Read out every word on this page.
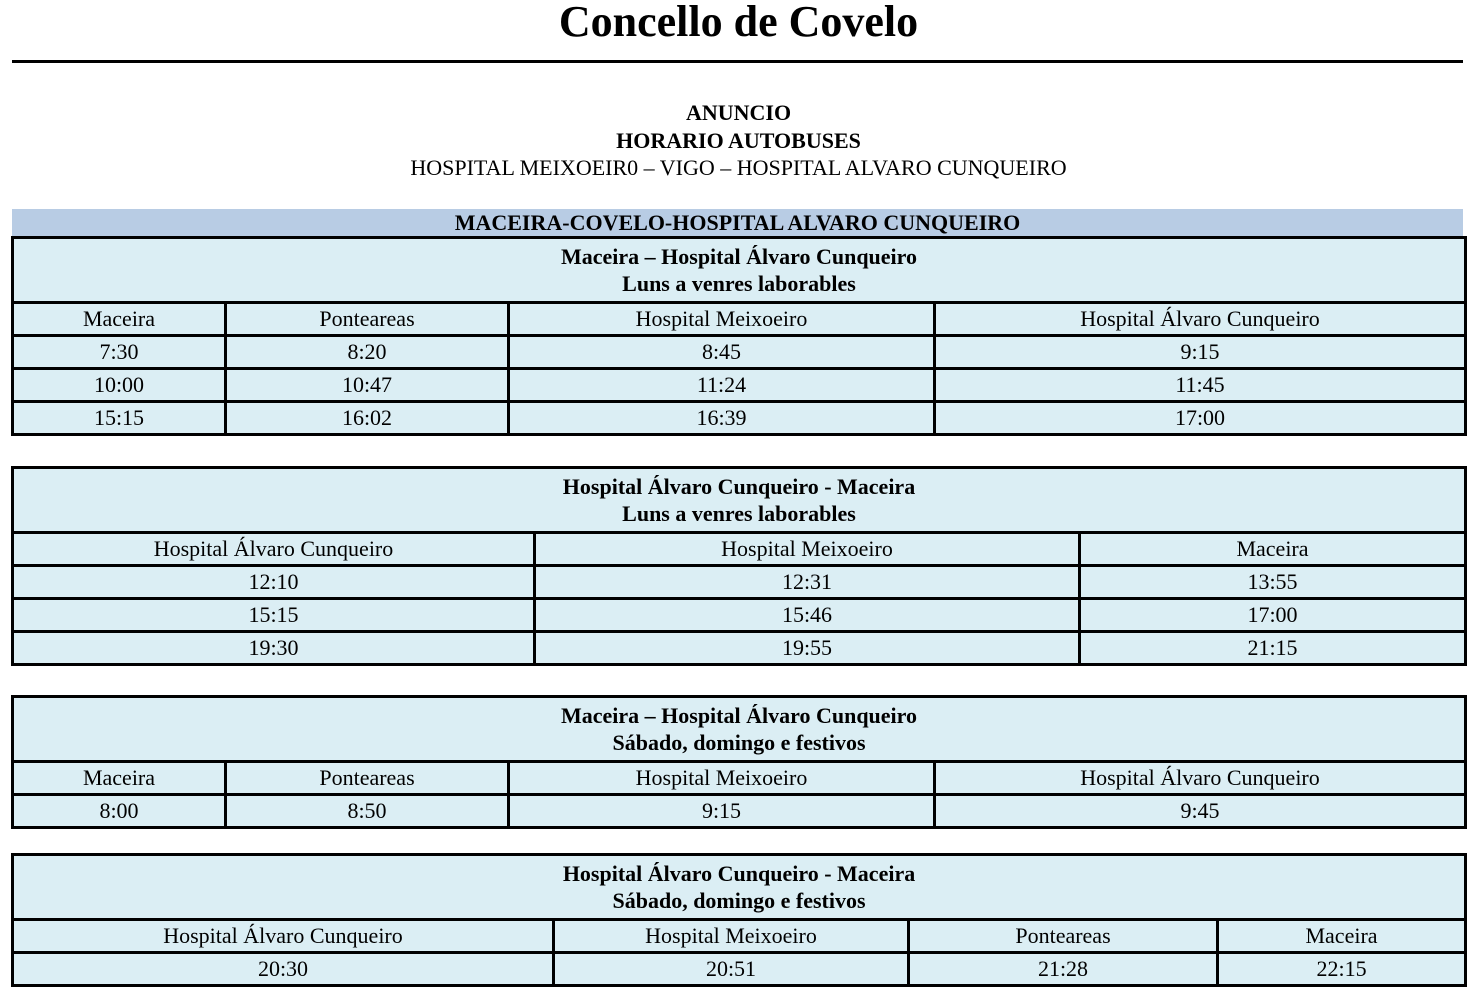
Concello de Covelo
ANUNCIO
HORARIO AUTOBUSES
HOSPITAL MEIXOEIR0 – VIGO – HOSPITAL ALVARO CUNQUEIRO
MACEIRA-COVELO-HOSPITAL ALVARO CUNQUEIRO
Maceira – Hospital Álvaro Cunqueiro
Luns a venres laborables			

Maceira	Ponteareas	Hospital Meixoeiro	Hospital Álvaro Cunqueiro
7:30	8:20	8:45	9:15
10:00	10:47	11:24	11:45
15:15	16:02	16:39	17:00
Hospital Álvaro Cunqueiro - Maceira
Luns a venres laborables		

Hospital Álvaro Cunqueiro	Hospital Meixoeiro	Maceira
12:10	12:31	13:55
15:15	15:46	17:00
19:30	19:55	21:15
Maceira – Hospital Álvaro Cunqueiro
Sábado, domingo e festivos			

Maceira	Ponteareas	Hospital Meixoeiro	Hospital Álvaro Cunqueiro
8:00	8:50	9:15	9:45
Hospital Álvaro Cunqueiro - Maceira
Sábado, domingo e festivos			

Hospital Álvaro Cunqueiro	Hospital Meixoeiro	Ponteareas	Maceira
20:30	20:51	21:28	22:15
